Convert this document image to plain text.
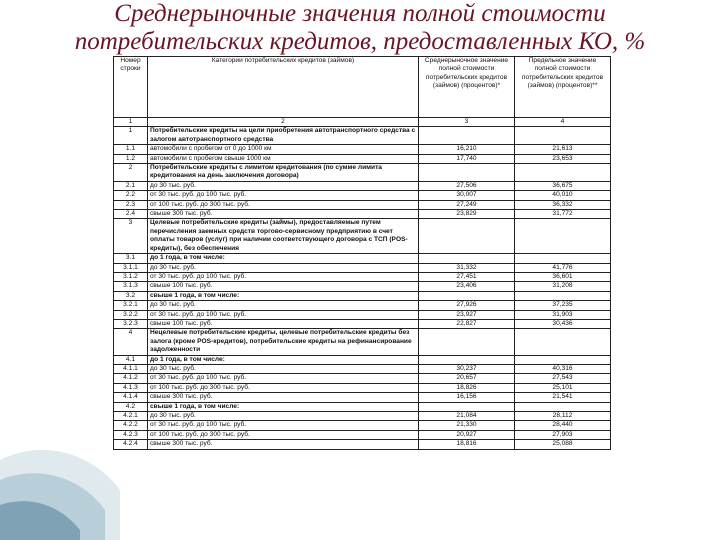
Среднерыночные значения полной стоимости
потребительских кредитов, предоставленных КО, %
Номер строки	Категории потребительских кредитов (займов)	Среднерыночное значение полной стоимости потребительских кредитов (займов) (процентов)*	Предельное значение полной стоимости потребительских кредитов (займов) (процентов)**
1	2	3	4
1	Потребительские кредиты на цели приобретения автотранспортного средства с залогом автотранспортного средства		
1.1	автомобили с пробегом от 0 до 1000 км	16,210	21,613
1.2	автомобили с пробегом свыше 1000 км	17,740	23,653
2	Потребительские кредиты с лимитом кредитования (по сумме лимита кредитования на день заключения договора)		
2.1	до 30 тыс. руб.	27,506	36,675
2.2	от 30 тыс. руб. до 100 тыс. руб.	30,007	40,010
2.3	от 100 тыс. руб. до 300 тыс. руб.	27,249	36,332
2.4	свыше 300 тыс. руб.	23,829	31,772
3	Целевые потребительские кредиты (займы), предоставляемые путем перечисления заемных средств торгово-сервисному предприятию в счет оплаты товаров (услуг) при наличии соответствующего договора с ТСП (POS-кредиты), без обеспечения		
3.1	до 1 года, в том числе:		
3.1.1	до 30 тыс. руб.	31,332	41,776
3.1.2	от 30 тыс. руб. до 100 тыс. руб.	27,451	36,601
3.1.3	свыше 100 тыс. руб.	23,406	31,208
3.2	свыше 1 года, в том числе:		
3.2.1	до 30 тыс. руб.	27,926	37,235
3.2.2	от 30 тыс. руб. до 100 тыс. руб.	23,927	31,903
3.2.3	свыше 100 тыс. руб.	22,827	30,436
4	Нецелевые потребительские кредиты, целевые потребительские кредиты без залога (кроме POS-кредитов), потребительские кредиты на рефинансирование задолженности		
4.1	до 1 года, в том числе:		
4.1.1	до 30 тыс. руб.	30,237	40,316
4.1.2	от 30 тыс. руб. до 100 тыс. руб.	20,657	27,543
4.1.3	от 100 тыс. руб. до 300 тыс. руб.	18,826	25,101
4.1.4	свыше 300 тыс. руб.	16,156	21,541
4.2	свыше 1 года, в том числе:		
4.2.1	до 30 тыс. руб.	21,084	28,112
4.2.2	от 30 тыс. руб. до 100 тыс. руб.	21,330	28,440
4.2.3	от 100 тыс. руб. до 300 тыс. руб.	20,927	27,903
4.2.4	свыше 300 тыс. руб.	18,816	25,088
